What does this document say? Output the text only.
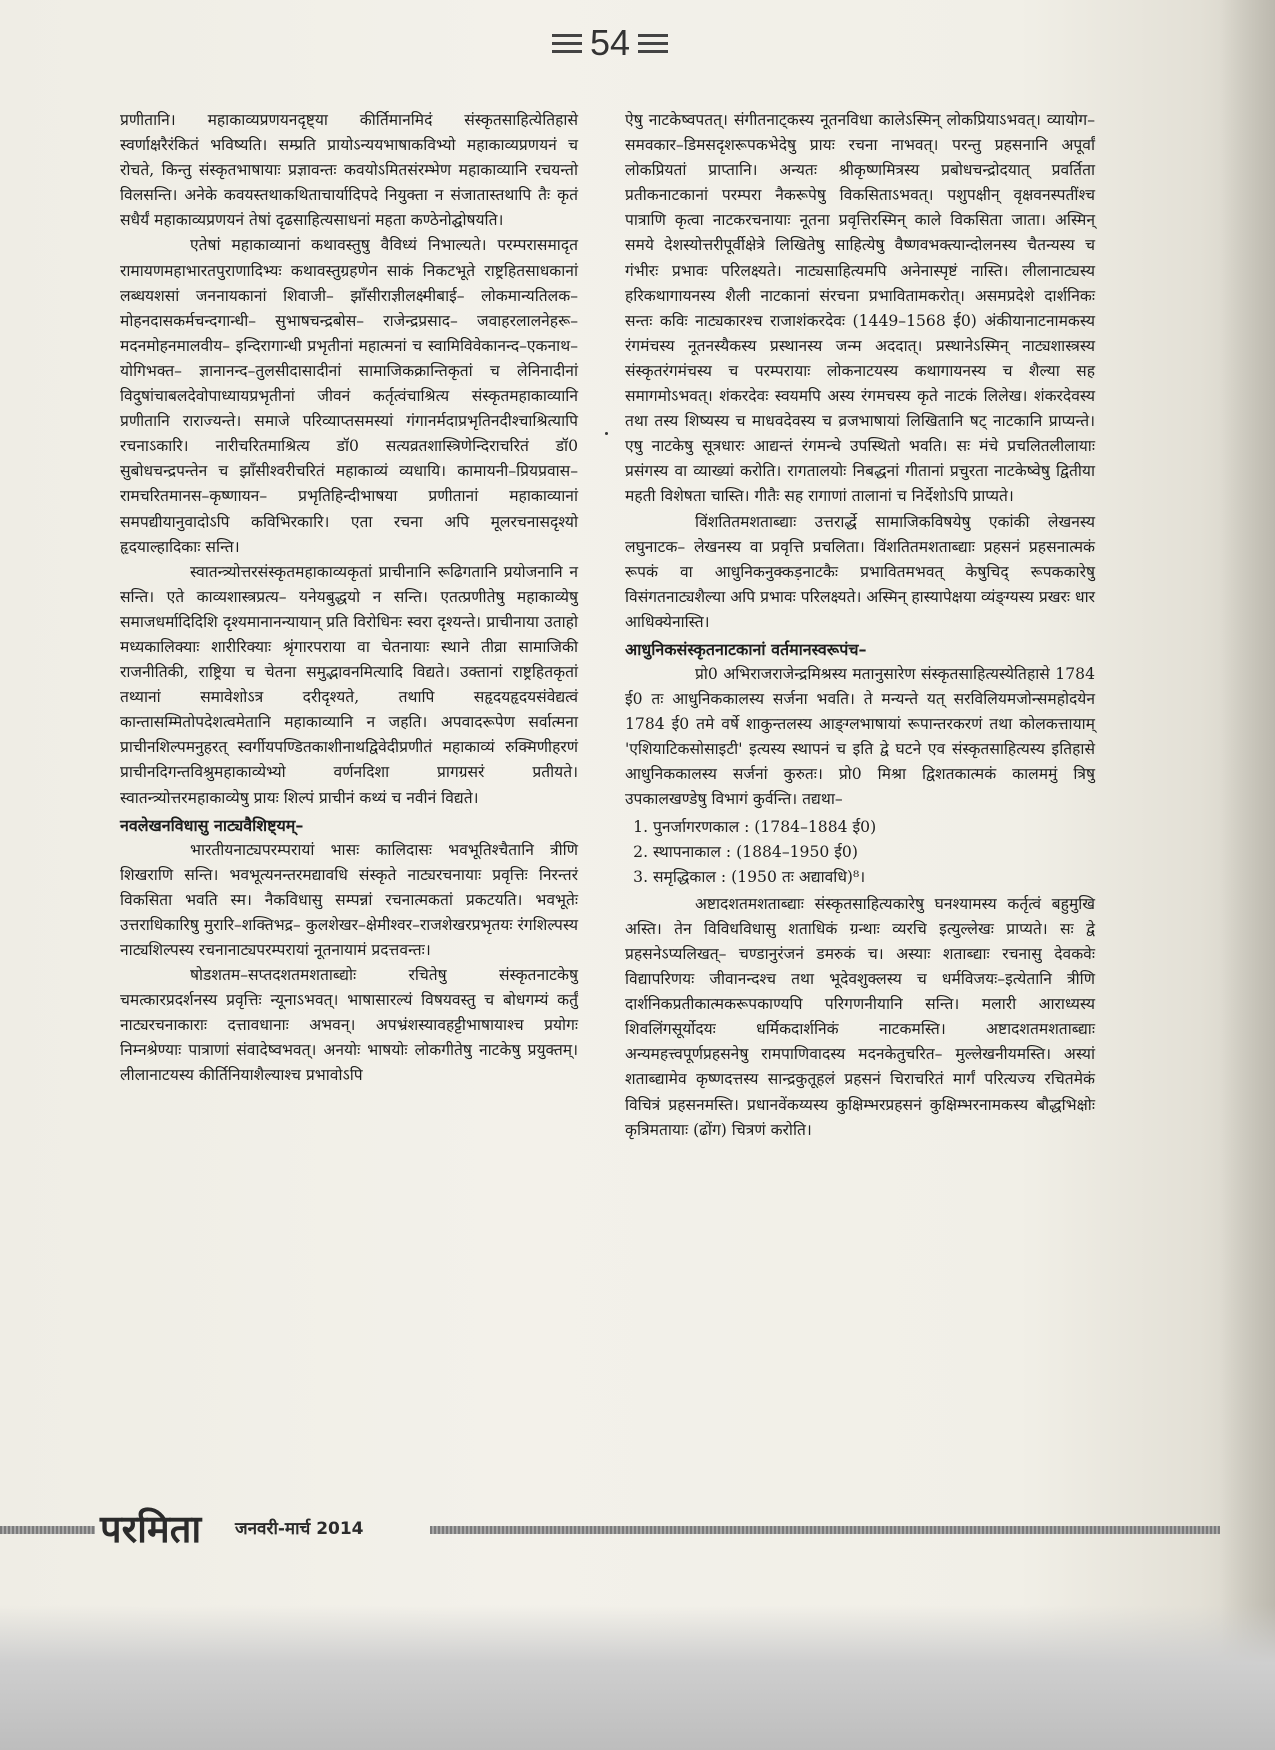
54

प्रणीतानि। महाकाव्यप्रणयनदृष्ट्या कीर्तिमानमिदं संस्कृतसाहित्येतिहासे स्वर्णाक्षरैरंकितं भविष्यति। सम्प्रति प्रायोऽन्ययभाषाकविभ्यो महाकाव्यप्रणयनं च रोचते, किन्तु संस्कृतभाषायाः प्रज्ञावन्तः कवयोऽमितसंरम्भेण महाकाव्यानि रचयन्तो विलसन्ति। अनेके कवयस्तथाकथिताचार्यादिपदे नियुक्ता न संजातास्तथापि तैः कृतं सधैर्यं महाकाव्यप्रणयनं तेषां दृढसाहित्यसाधनां महता कण्ठेनोद्घोषयति।

एतेषां महाकाव्यानां कथावस्तुषु वैविध्यं निभाल्यते। परम्परासमादृत रामायणमहाभारतपुराणादिभ्यः कथावस्तुग्रहणेन साकं निकटभूते राष्ट्रहितसाधकानां लब्धयशसां जननायकानां शिवाजी– झाँसीराज्ञीलक्ष्मीबाई– लोकमान्यतिलक– मोहनदासकर्मचन्दगान्धी– सुभाषचन्द्रबोस– राजेन्द्रप्रसाद– जवाहरलालनेहरू– मदनमोहनमालवीय– इन्दिरागान्धी प्रभृतीनां महात्मनां च स्वामिविवेकानन्द–एकनाथ–योगिभक्त– ज्ञानानन्द–तुलसीदासादीनां सामाजिकक्रान्तिकृतां च लेनिनादीनां विदुषांचाबलदेवोपाध्यायप्रभृतीनां जीवनं कर्तृत्वंचाश्रित्य संस्कृतमहाकाव्यानि प्रणीतानि राराज्यन्ते। समाजे परिव्याप्तसमस्यां गंगानर्मदाप्रभृतिनदीश्चाश्रित्यापि रचनाऽकारि। नारीचरितमाश्रित्य डॉ0 सत्यव्रतशास्त्रिणेन्दिराचरितं डॉ0 सुबोधचन्द्रपन्तेन च झाँसीश्वरीचरितं महाकाव्यं व्यधायि। कामायनी–प्रियप्रवास–रामचरितमानस–कृष्णायन– प्रभृतिहिन्दीभाषया प्रणीतानां महाकाव्यानां समपद्यीयानुवादोऽपि कविभिरकारि। एता रचना अपि मूलरचनासदृश्यो हृदयाल्हादिकाः सन्ति।

स्वातन्त्र्योत्तरसंस्कृतमहाकाव्यकृतां प्राचीनानि रूढिगतानि प्रयोजनानि न सन्ति। एते काव्यशास्त्रप्रत्य– यनेयबुद्धयो न सन्ति। एतत्प्रणीतेषु महाकाव्येषु समाजधर्मादिदिशि दृश्यमानानन्यायान् प्रति विरोधिनः स्वरा दृश्यन्ते। प्राचीनाया उताहो मध्यकालिक्याः शारीरिक्याः श्रृंगारपराया वा चेतनायाः स्थाने तीव्रा सामाजिकी राजनीतिकी, राष्ट्रिया च चेतना समुद्भावनमित्यादि विद्यते। उक्तानां राष्ट्रहितकृतां तथ्यानां समावेशोऽत्र दरीदृश्यते, तथापि सहृदयहृदयसंवेद्यत्वं कान्तासम्मितोपदेशत्वमेतानि महाकाव्यानि न जहति। अपवादरूपेण सर्वात्मना प्राचीनशिल्पमनुहरत् स्वर्गीयपण्डितकाशीनाथद्विवेदीप्रणीतं महाकाव्यं रुक्मिणीहरणं प्राचीनदिगन्तविश्रुमहाकाव्येभ्यो वर्णनदिशा प्रागग्रसरं प्रतीयते। स्वातन्त्र्योत्तरमहाकाव्येषु प्रायः शिल्पं प्राचीनं कथ्यं च नवीनं विद्यते।

नवलेखनविधासु नाट्यवैशिष्ट्यम्–

भारतीयनाट्यपरम्परायां भासः कालिदासः भवभूतिश्चैतानि त्रीणि शिखराणि सन्ति। भवभूत्यनन्तरमद्यावधि संस्कृते नाट्यरचनायाः प्रवृत्तिः निरन्तरं विकसिता भवति स्म। नैकविधासु सम्पन्नां रचनात्मकतां प्रकटयति। भवभूतेः उत्तराधिकारिषु मुरारि–शक्तिभद्र– कुलशेखर–क्षेमीश्वर–राजशेखरप्रभृतयः रंगशिल्पस्य नाट्यशिल्पस्य रचनानाट्यपरम्परायां नूतनायामं प्रदत्तवन्तः।

षोडशतम–सप्तदशतमशताब्द्योः रचितेषु संस्कृतनाटकेषु चमत्कारप्रदर्शनस्य प्रवृत्तिः न्यूनाऽभवत्। भाषासारल्यं विषयवस्तु च बोधगम्यं कर्तुं नाट्यरचनाकाराः दत्तावधानाः अभवन्। अपभ्रंशस्यावहट्टीभाषायाश्च प्रयोगः निम्नश्रेण्याः पात्राणां संवादेष्वभवत्। अनयोः भाषयोः लोकगीतेषु नाटकेषु प्रयुक्तम्। लीलानाटयस्य कीर्तिनियाशैल्याश्च प्रभावोऽपि

ऐषु नाटकेष्वपतत्। संगीतनाट्कस्य नूतनविधा कालेऽस्मिन् लोकप्रियाऽभवत्। व्यायोग–समवकार–डिमसदृशरूपकभेदेषु प्रायः रचना नाभवत्। परन्तु प्रहसनानि अपूर्वां लोकप्रियतां प्राप्तानि। अन्यतः श्रीकृष्णमित्रस्य प्रबोधचन्द्रोदयात् प्रवर्तिता प्रतीकनाटकानां परम्परा नैकरूपेषु विकसिताऽभवत्। पशुपक्षीन् वृक्षवनस्पतींश्च पात्राणि कृत्वा नाटकरचनायाः नूतना प्रवृत्तिरस्मिन् काले विकसिता जाता। अस्मिन् समये देशस्योत्तरीपूर्वीक्षेत्रे लिखितेषु साहित्येषु वैष्णवभक्त्यान्दोलनस्य चैतन्यस्य च गंभीरः प्रभावः परिलक्ष्यते। नाट्यसाहित्यमपि अनेनास्पृष्टं नास्ति। लीलानाट्यस्य हरिकथागायनस्य शैली नाटकानां संरचना प्रभावितामकरोत्। असमप्रदेशे दार्शनिकः सन्तः कविः नाट्यकारश्च राजाशंकरदेवः (1449–1568 ई0) अंकीयानाटनामकस्य रंगमंचस्य नूतनस्यैकस्य प्रस्थानस्य जन्म अददात्। प्रस्थानेऽस्मिन् नाट्यशास्त्रस्य संस्कृतरंगमंचस्य च परम्परायाः लोकनाटयस्य कथागायनस्य च शैल्या सह समागमोऽभवत्। शंकरदेवः स्वयमपि अस्य रंगमचस्य कृते नाटकं लिलेख। शंकरदेवस्य तथा तस्य शिष्यस्य च माधवदेवस्य च व्रजभाषायां लिखितानि षट् नाटकानि प्राप्यन्ते। एषु नाटकेषु सूत्रधारः आद्यन्तं रंगमन्चे उपस्थितो भवति। सः मंचे प्रचलितलीलायाः प्रसंगस्य वा व्याख्यां करोति। रागतालयोः निबद्धनां गीतानां प्रचुरता नाटकेष्वेषु द्वितीया महती विशेषता चास्ति। गीतैः सह रागाणां तालानां च निर्देशोऽपि प्राप्यते।

विंशतितमशताब्द्याः उत्तरार्द्धे सामाजिकविषयेषु एकांकी लेखनस्य लघुनाटक– लेखनस्य वा प्रवृत्ति प्रचलिता। विंशतितमशताब्द्याः प्रहसनं प्रहसनात्मकं रूपकं वा आधुनिकनुक्कड़नाटकैः प्रभावितमभवत् केषुचिद् रूपककारेषु विसंगतनाट्यशैल्या अपि प्रभावः परिलक्ष्यते। अस्मिन् हास्यापेक्षया व्यंङ्ग्यस्य प्रखरः धार आधिक्येनास्ति।

आधुनिकसंस्कृतनाटकानां वर्तमानस्वरूपंच–

प्रो0 अभिराजराजेन्द्रमिश्रस्य मतानुसारेण संस्कृतसाहित्यस्येतिहासे 1784 ई0 तः आधुनिककालस्य सर्जना भवति। ते मन्यन्ते यत् सरविलियमजोन्समहोदयेन 1784 ई0 तमे वर्षे शाकुन्तलस्य आङ्ग्लभाषायां रूपान्तरकरणं तथा कोलकत्तायाम् 'एशियाटिकसोसाइटी' इत्यस्य स्थापनं च इति द्वे घटने एव संस्कृतसाहित्यस्य इतिहासे आधुनिककालस्य सर्जनां कुरुतः। प्रो0 मिश्रा द्विशतकात्मकं कालममुं त्रिषु उपकालखण्डेषु विभागं कुर्वन्ति। तद्यथा–

1. पुनर्जागरणकाल : (1784–1884 ई0)
2. स्थापनाकाल : (1884–1950 ई0)
3. समृद्धिकाल : (1950 तः अद्यावधि)⁸।

अष्टादशतमशताब्द्याः संस्कृतसाहित्यकारेषु घनश्यामस्य कर्तृत्वं बहुमुखि अस्ति। तेन विविधविधासु शताधिकं ग्रन्थाः व्यरचि इत्युल्लेखः प्राप्यते। सः द्वे प्रहसनेऽप्यलिखत्– चण्डानुरंजनं डमरुकं च। अस्याः शताब्द्याः रचनासु देवकवेः विद्यापरिणयः जीवानन्दश्च तथा भूदेवशुक्लस्य च धर्मविजयः–इत्येतानि त्रीणि दार्शनिकप्रतीकात्मकरूपकाण्यपि परिगणनीयानि सन्ति। मलारी आराध्यस्य शिवलिंगसूर्योदयः धर्मिकदार्शनिकं नाटकमस्ति। अष्टादशतमशताब्द्याः अन्यमहत्त्वपूर्णप्रहसनेषु रामपाणिवादस्य मदनकेतुचरित– मुल्लेखनीयमस्ति। अस्यां शताब्द्यामेव कृष्णदत्तस्य सान्द्रकुतूहलं प्रहसनं चिराचरितं मार्गं परित्यज्य रचितमेकं विचित्रं प्रहसनमस्ति। प्रधानवेंकय्यस्य कुक्षिम्भरप्रहसनं कुक्षिम्भरनामकस्य बौद्धभिक्षोः कृत्रिमतायाः (ढोंग) चित्रणं करोति।

परमिता जनवरी-मार्च 2014
